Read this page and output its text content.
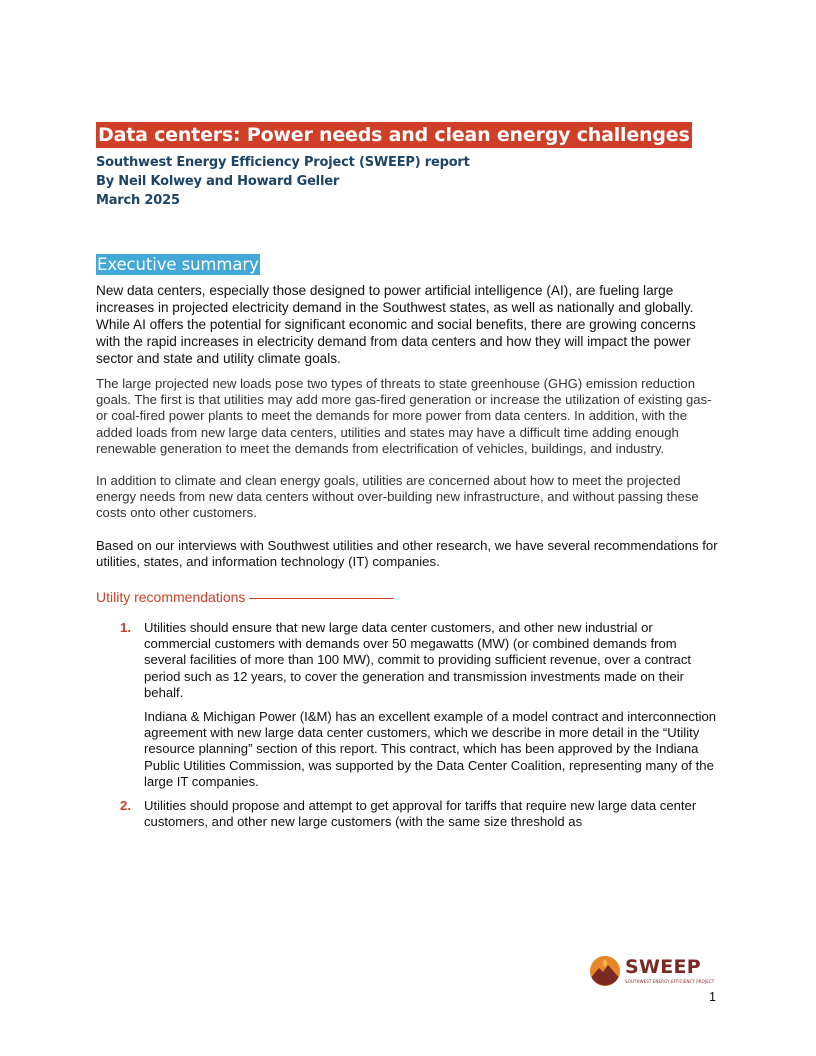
Data centers: Power needs and clean energy challenges
Southwest Energy Efficiency Project (SWEEP) report
By Neil Kolwey and Howard Geller
March 2025
Executive summary

New data centers, especially those designed to power artificial intelligence (AI), are fueling large increases in projected electricity demand in the Southwest states, as well as nationally and globally. While AI offers the potential for significant economic and social benefits, there are growing concerns with the rapid increases in electricity demand from data centers and how they will impact the power sector and state and utility climate goals.

The large projected new loads pose two types of threats to state greenhouse (GHG) emission reduction goals. The first is that utilities may add more gas-fired generation or increase the utilization of existing gas- or coal-fired power plants to meet the demands for more power from data centers. In addition, with the added loads from new large data centers, utilities and states may have a difficult time adding enough renewable generation to meet the demands from electrification of vehicles, buildings, and industry.

In addition to climate and clean energy goals, utilities are concerned about how to meet the projected energy needs from new data centers without over-building new infrastructure, and without passing these costs onto other customers.

Based on our interviews with Southwest utilities and other research, we have several recommendations for utilities, states, and information technology (IT) companies.

Utility recommendations
1. Utilities should ensure that new large data center customers, and other new industrial or commercial customers with demands over 50 megawatts (MW) (or combined demands from several facilities of more than 100 MW), commit to providing sufficient revenue, over a contract period such as 12 years, to cover the generation and transmission investments made on their behalf.

Indiana & Michigan Power (I&M) has an excellent example of a model contract and interconnection agreement with new large data center customers, which we describe in more detail in the “Utility resource planning” section of this report. This contract, which has been approved by the Indiana Public Utilities Commission, was supported by the Data Center Coalition, representing many of the large IT companies.

2. Utilities should propose and attempt to get approval for tariffs that require new large data center customers, and other new large customers (with the same size threshold as

SWEEP
SOUTHWEST ENERGY EFFICIENCY PROJECT
1
